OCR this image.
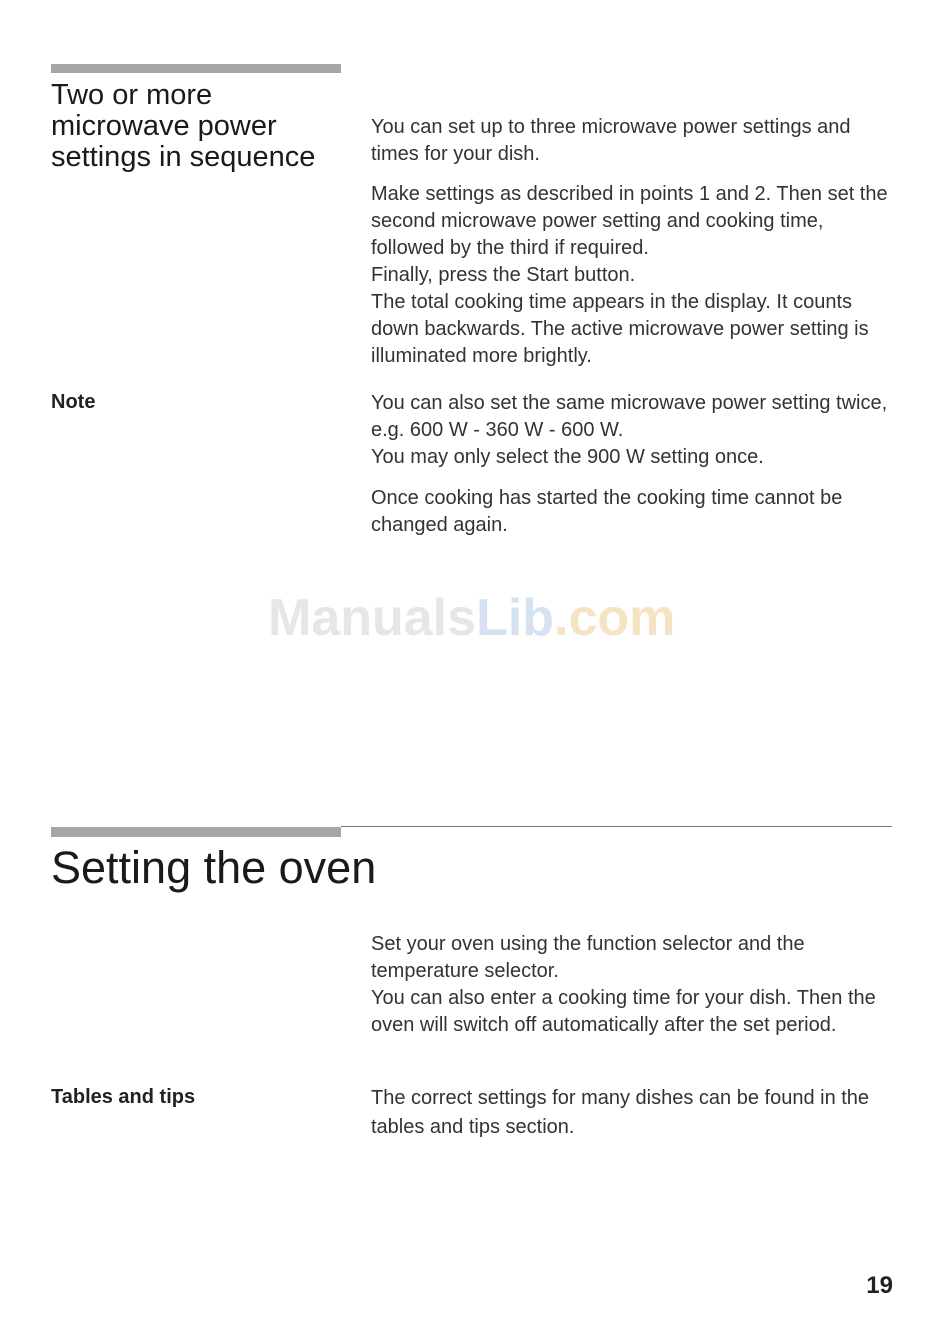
Two or more microwave power settings in sequence

You can set up to three microwave power settings and times for your dish.

Make settings as described in points 1 and 2. Then set the second microwave power setting and cooking time, followed by the third if required.

Finally, press the Start button.

The total cooking time appears in the display. It counts down backwards. The active microwave power setting is illuminated more brightly.

Note	You can also set the same microwave power setting twice, e.g. 600 W - 360 W - 600 W.

You may only select the 900 W setting once.

Once cooking has started the cooking time cannot be changed again.

ManualsLib.com
Setting the oven

Set your oven using the function selector and the temperature selector.

You can also enter a cooking time for your dish. Then the oven will switch off automatically after the set period.

Tables and tips	The correct settings for many dishes can be found in the tables and tips section.

19
